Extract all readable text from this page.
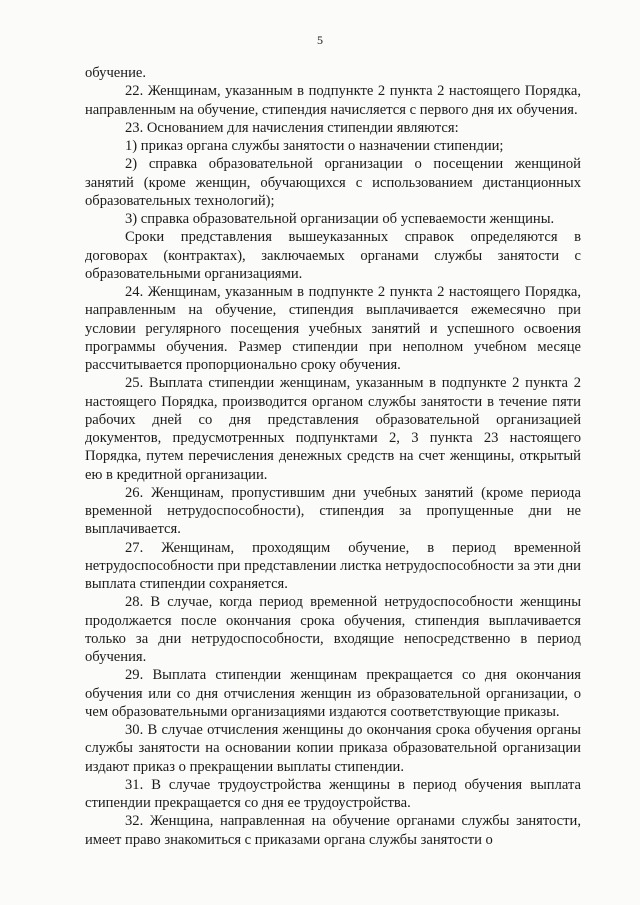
5

обучение.

22. Женщинам, указанным в подпункте 2 пункта 2 настоящего Порядка, направленным на обучение, стипендия начисляется с первого дня их обучения.

23. Основанием для начисления стипендии являются:

1) приказ органа службы занятости о назначении стипендии;

2) справка образовательной организации о посещении женщиной занятий (кроме женщин, обучающихся с использованием дистанционных образовательных технологий);

3) справка образовательной организации об успеваемости женщины.

Сроки представления вышеуказанных справок определяются в договорах (контрактах), заключаемых органами службы занятости с образовательными организациями.

24. Женщинам, указанным в подпункте 2 пункта 2 настоящего Порядка, направленным на обучение, стипендия выплачивается ежемесячно при условии регулярного посещения учебных занятий и успешного освоения программы обучения. Размер стипендии при неполном учебном месяце рассчитывается пропорционально сроку обучения.

25. Выплата стипендии женщинам, указанным в подпункте 2 пункта 2 настоящего Порядка, производится органом службы занятости в течение пяти рабочих дней со дня представления образовательной организацией документов, предусмотренных подпунктами 2, 3 пункта 23 настоящего Порядка, путем перечисления денежных средств на счет женщины, открытый ею в кредитной организации.

26. Женщинам, пропустившим дни учебных занятий (кроме периода временной нетрудоспособности), стипендия за пропущенные дни не выплачивается.

27. Женщинам, проходящим обучение, в период временной нетрудоспособности при представлении листка нетрудоспособности за эти дни выплата стипендии сохраняется.

28. В случае, когда период временной нетрудоспособности женщины продолжается после окончания срока обучения, стипендия выплачивается только за дни нетрудоспособности, входящие непосредственно в период обучения.

29. Выплата стипендии женщинам прекращается со дня окончания обучения или со дня отчисления женщин из образовательной организации, о чем образовательными организациями издаются соответствующие приказы.

30. В случае отчисления женщины до окончания срока обучения органы службы занятости на основании копии приказа образовательной организации издают приказ о прекращении выплаты стипендии.

31. В случае трудоустройства женщины в период обучения выплата стипендии прекращается со дня ее трудоустройства.

32. Женщина, направленная на обучение органами службы занятости, имеет право знакомиться с приказами органа службы занятости о
